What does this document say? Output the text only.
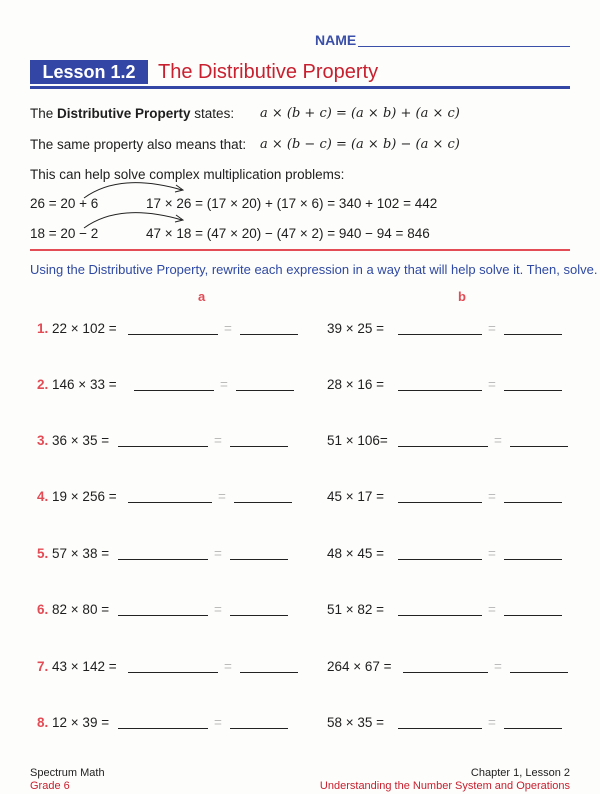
NAME
Lesson 1.2	The Distributive Property
The Distributive Property states: a × (b + c) = (a × b) + (a × c)
The same property also means that: a × (b − c) = (a × b) − (a × c)
This can help solve complex multiplication problems:
26 = 20 + 6	17 × 26 = (17 × 20) + (17 × 6) = 340 + 102 = 442
18 = 20 − 2	47 × 18 = (47 × 20) − (47 × 2) = 940 − 94 = 846
Using the Distributive Property, rewrite each expression in a way that will help solve it. Then, solve.
a	b
1. 22 × 102 =	39 × 25 =
2. 146 × 33 =	28 × 16 =
3. 36 × 35 =	51 × 106=
4. 19 × 256 =	45 × 17 =
5. 57 × 38 =	48 × 45 =
6. 82 × 80 =	51 × 82 =
7. 43 × 142 =	264 × 67 =
8. 12 × 39 =	58 × 35 =
=	=
=	=
=	=
=	=
=	=
=	=
=	=
=	=
Spectrum Math
Grade 6
Chapter 1, Lesson 2
Understanding the Number System and Operations
